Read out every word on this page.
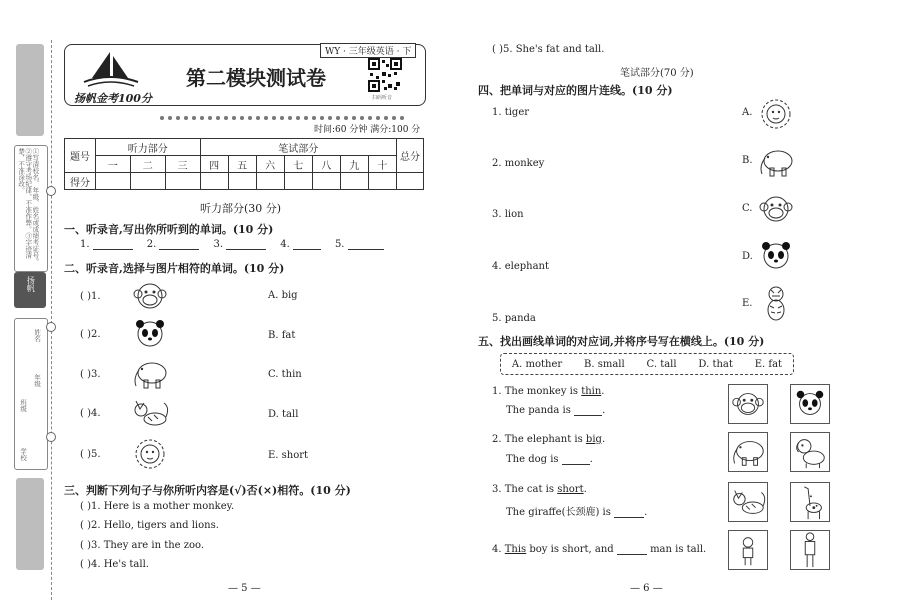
①写清校名、年级、姓名或成绩考证号。②遵守考场纪律，不准作弊。③字迹清楚，不准涂改。
扬帆
学校
班级
年级
姓名
扬帆金考100分
第二模块测试卷
WY · 三年级英语 · 下
扫码听音
时间:60 分钟 满分:100 分
题号	听力部分			笔试部分							总分
	一	二	三	四	五	六	七	八	九	十	
得分											
听力部分(30 分)
一、听录音,写出你所听到的单词。(10 分)
1.	2.	3.	4.	5.
二、听录音,选择与图片相符的单词。(10 分)
( )1.	A. big
( )2.	B. fat
( )3.	C. thin
( )4.	D. tall
( )5.	E. short
三、判断下列句子与你所听内容是(√)否(×)相符。(10 分)
( )1. Here is a mother monkey.
( )2. Hello, tigers and lions.
( )3. They are in the zoo.
( )4. He's tall.
— 5 —
( )5. She's fat and tall.
笔试部分(70 分)
四、把单词与对应的图片连线。(10 分)
1. tiger
2. monkey
3. lion
4. elephant
5. panda
A.
B.
C.
D.
E.
五、找出画线单词的对应词,并将序号写在横线上。(10 分)
A. mother B. small C. tall D. that E. fat
1. The monkey is thin.
The panda is	.
2. The elephant is big.
The dog is	.
3. The cat is short.
The giraffe(长颈鹿) is	.
4. This boy is short, and	man is tall.
— 6 —
